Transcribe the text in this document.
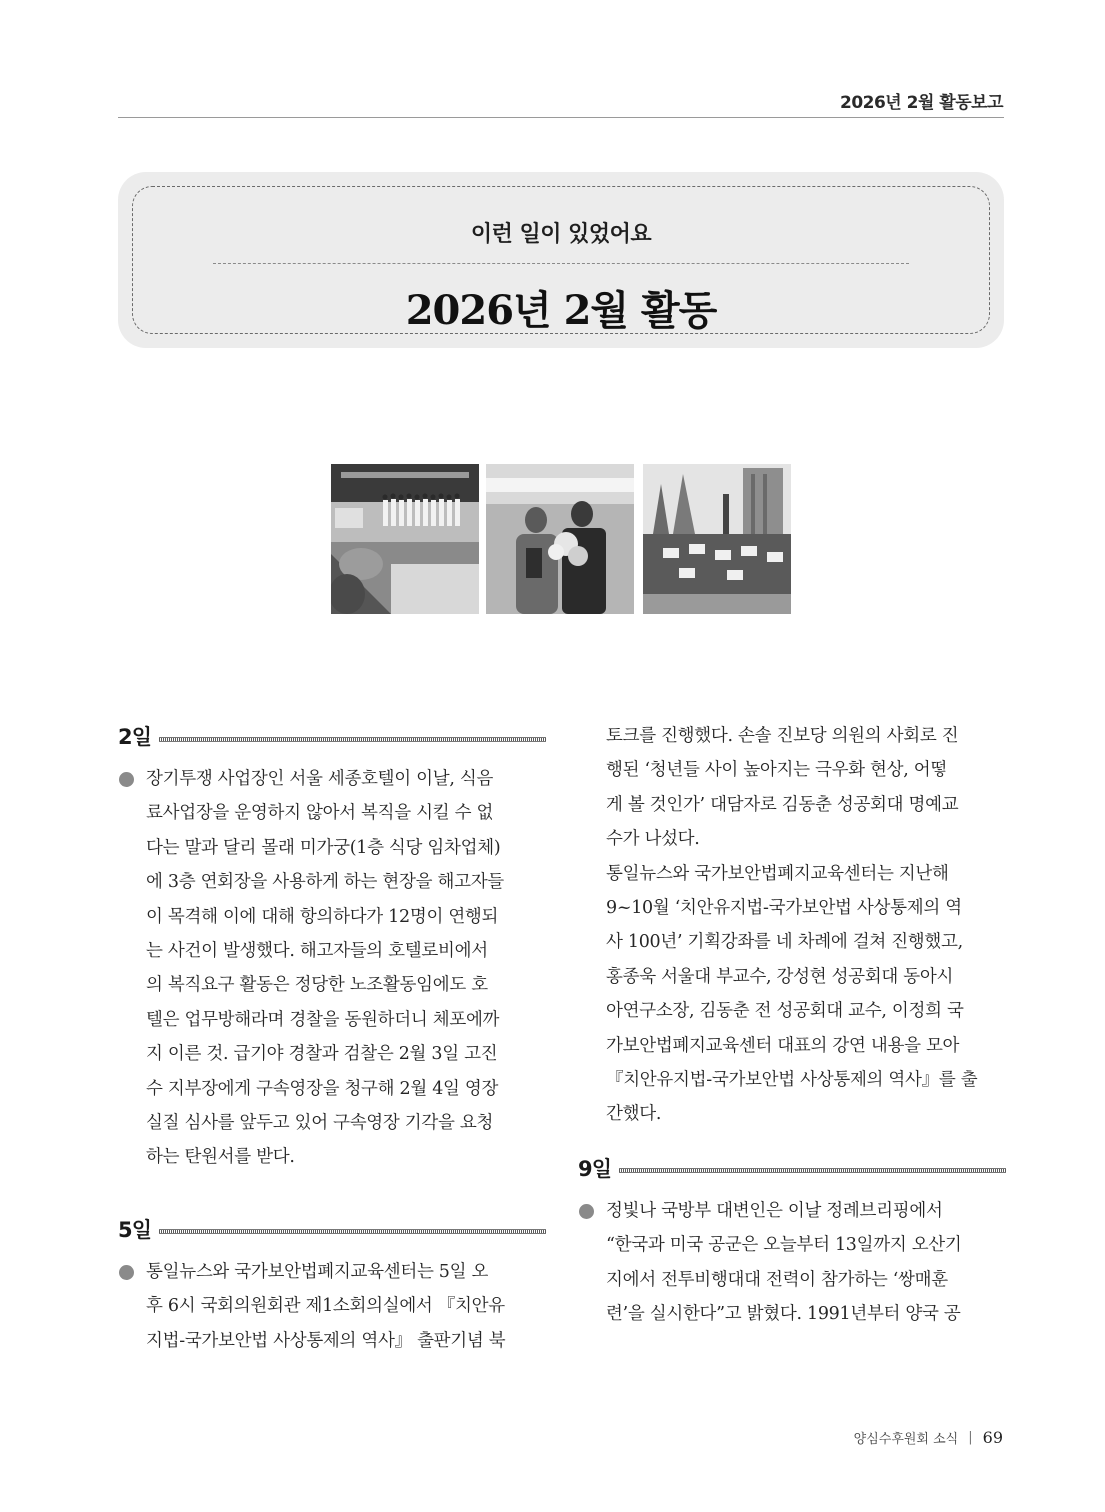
2026년 2월 활동보고
이런 일이 있었어요
2026년 2월 활동
2일
장기투쟁 사업장인 서울 세종호텔이 이날, 식음
료사업장을 운영하지 않아서 복직을 시킬 수 없
다는 말과 달리 몰래 미가궁(1층 식당 임차업체)
에 3층 연회장을 사용하게 하는 현장을 해고자들
이 목격해 이에 대해 항의하다가 12명이 연행되
는 사건이 발생했다. 해고자들의 호텔로비에서
의 복직요구 활동은 정당한 노조활동임에도 호
텔은 업무방해라며 경찰을 동원하더니 체포에까
지 이른 것. 급기야 경찰과 검찰은 2월 3일 고진
수 지부장에게 구속영장을 청구해 2월 4일 영장
실질 심사를 앞두고 있어 구속영장 기각을 요청
하는 탄원서를 받다.
5일
통일뉴스와 국가보안법폐지교육센터는 5일 오
후 6시 국회의원회관 제1소회의실에서 『치안유
지법-국가보안법 사상통제의 역사』 출판기념 북
토크를 진행했다. 손솔 진보당 의원의 사회로 진
행된 ‘청년들 사이 높아지는 극우화 현상, 어떻
게 볼 것인가’ 대담자로 김동춘 성공회대 명예교
수가 나섰다.
통일뉴스와 국가보안법폐지교육센터는 지난해
9~10월 ‘치안유지법-국가보안법 사상통제의 역
사 100년’ 기획강좌를 네 차례에 걸쳐 진행했고,
홍종욱 서울대 부교수, 강성현 성공회대 동아시
아연구소장, 김동춘 전 성공회대 교수, 이정희 국
가보안법폐지교육센터 대표의 강연 내용을 모아
『치안유지법-국가보안법 사상통제의 역사』를 출
간했다.
9일
정빛나 국방부 대변인은 이날 정례브리핑에서
“한국과 미국 공군은 오늘부터 13일까지 오산기
지에서 전투비행대대 전력이 참가하는 ‘쌍매훈
련’을 실시한다”고 밝혔다. 1991년부터 양국 공
양심수후원회 소식 | 69
